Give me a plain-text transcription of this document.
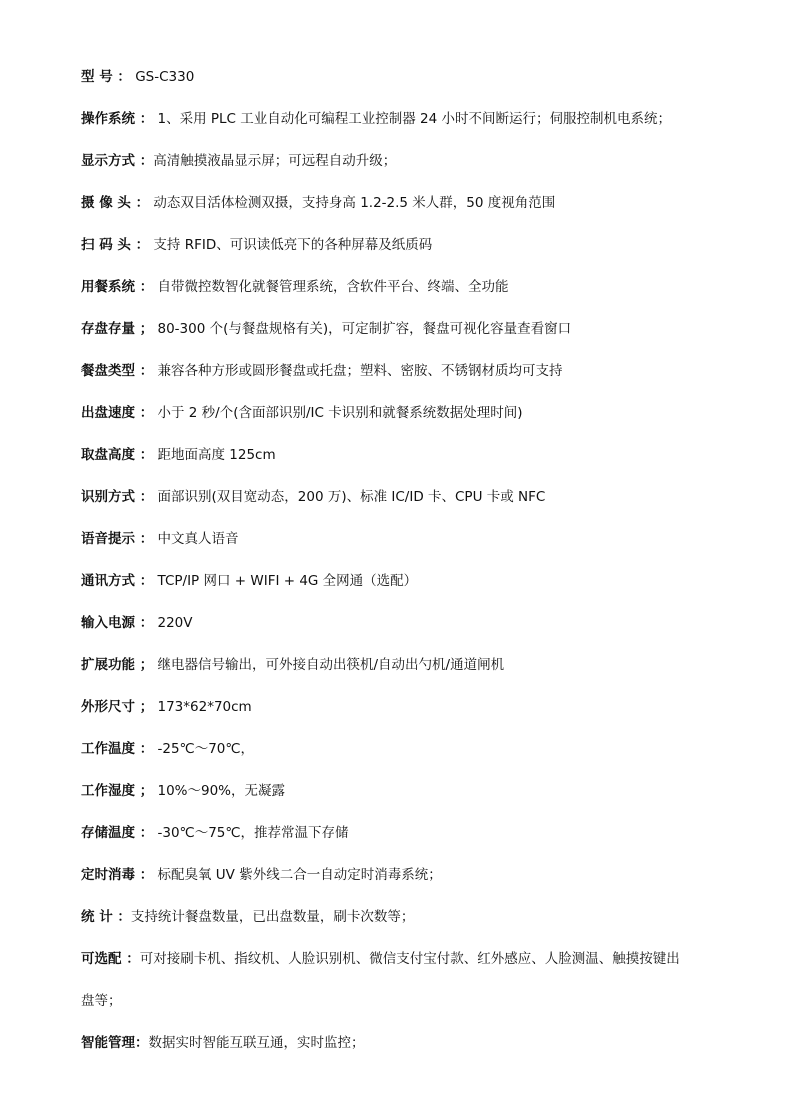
型 号 ： GS-C330
操作系统 ： 1、采用 PLC 工业自动化可编程工业控制器 24 小时不间断运行；伺服控制机电系统；
显示方式 ：高清触摸液晶显示屏；可远程自动升级；
摄 像 头 ： 动态双目活体检测双摄，支持身高 1.2-2.5 米人群，50 度视角范围
扫 码 头 ： 支持 RFID、可识读低亮下的各种屏幕及纸质码
用餐系统 ： 自带微控数智化就餐管理系统，含软件平台、终端、全功能
存盘存量 ； 80-300 个(与餐盘规格有关)，可定制扩容，餐盘可视化容量查看窗口
餐盘类型 ： 兼容各种方形或圆形餐盘或托盘；塑料、密胺、不锈钢材质均可支持
出盘速度 ： 小于 2 秒/个(含面部识别/IC 卡识别和就餐系统数据处理时间)
取盘高度 ： 距地面高度 125cm
识别方式 ： 面部识别(双目宽动态，200 万)、标准 IC/ID 卡、CPU 卡或 NFC
语音提示 ： 中文真人语音
通讯方式 ： TCP/IP 网口 + WIFI + 4G 全网通（选配）
输入电源 ： 220V
扩展功能 ； 继电器信号输出，可外接自动出筷机/自动出勺机/通道闸机
外形尺寸 ； 173*62*70cm
工作温度 ： -25℃～70℃，
工作湿度 ； 10%～90%，无凝露
存储温度 ： -30℃～75℃，推荐常温下存储
定时消毒 ： 标配臭氧 UV 紫外线二合一自动定时消毒系统；
统 计 ：支持统计餐盘数量，已出盘数量，刷卡次数等；
可选配 ：可对接刷卡机、指纹机、人脸识别机、微信支付宝付款、红外感应、人脸测温、触摸按键出
盘等；
智能管理：数据实时智能互联互通，实时监控；
